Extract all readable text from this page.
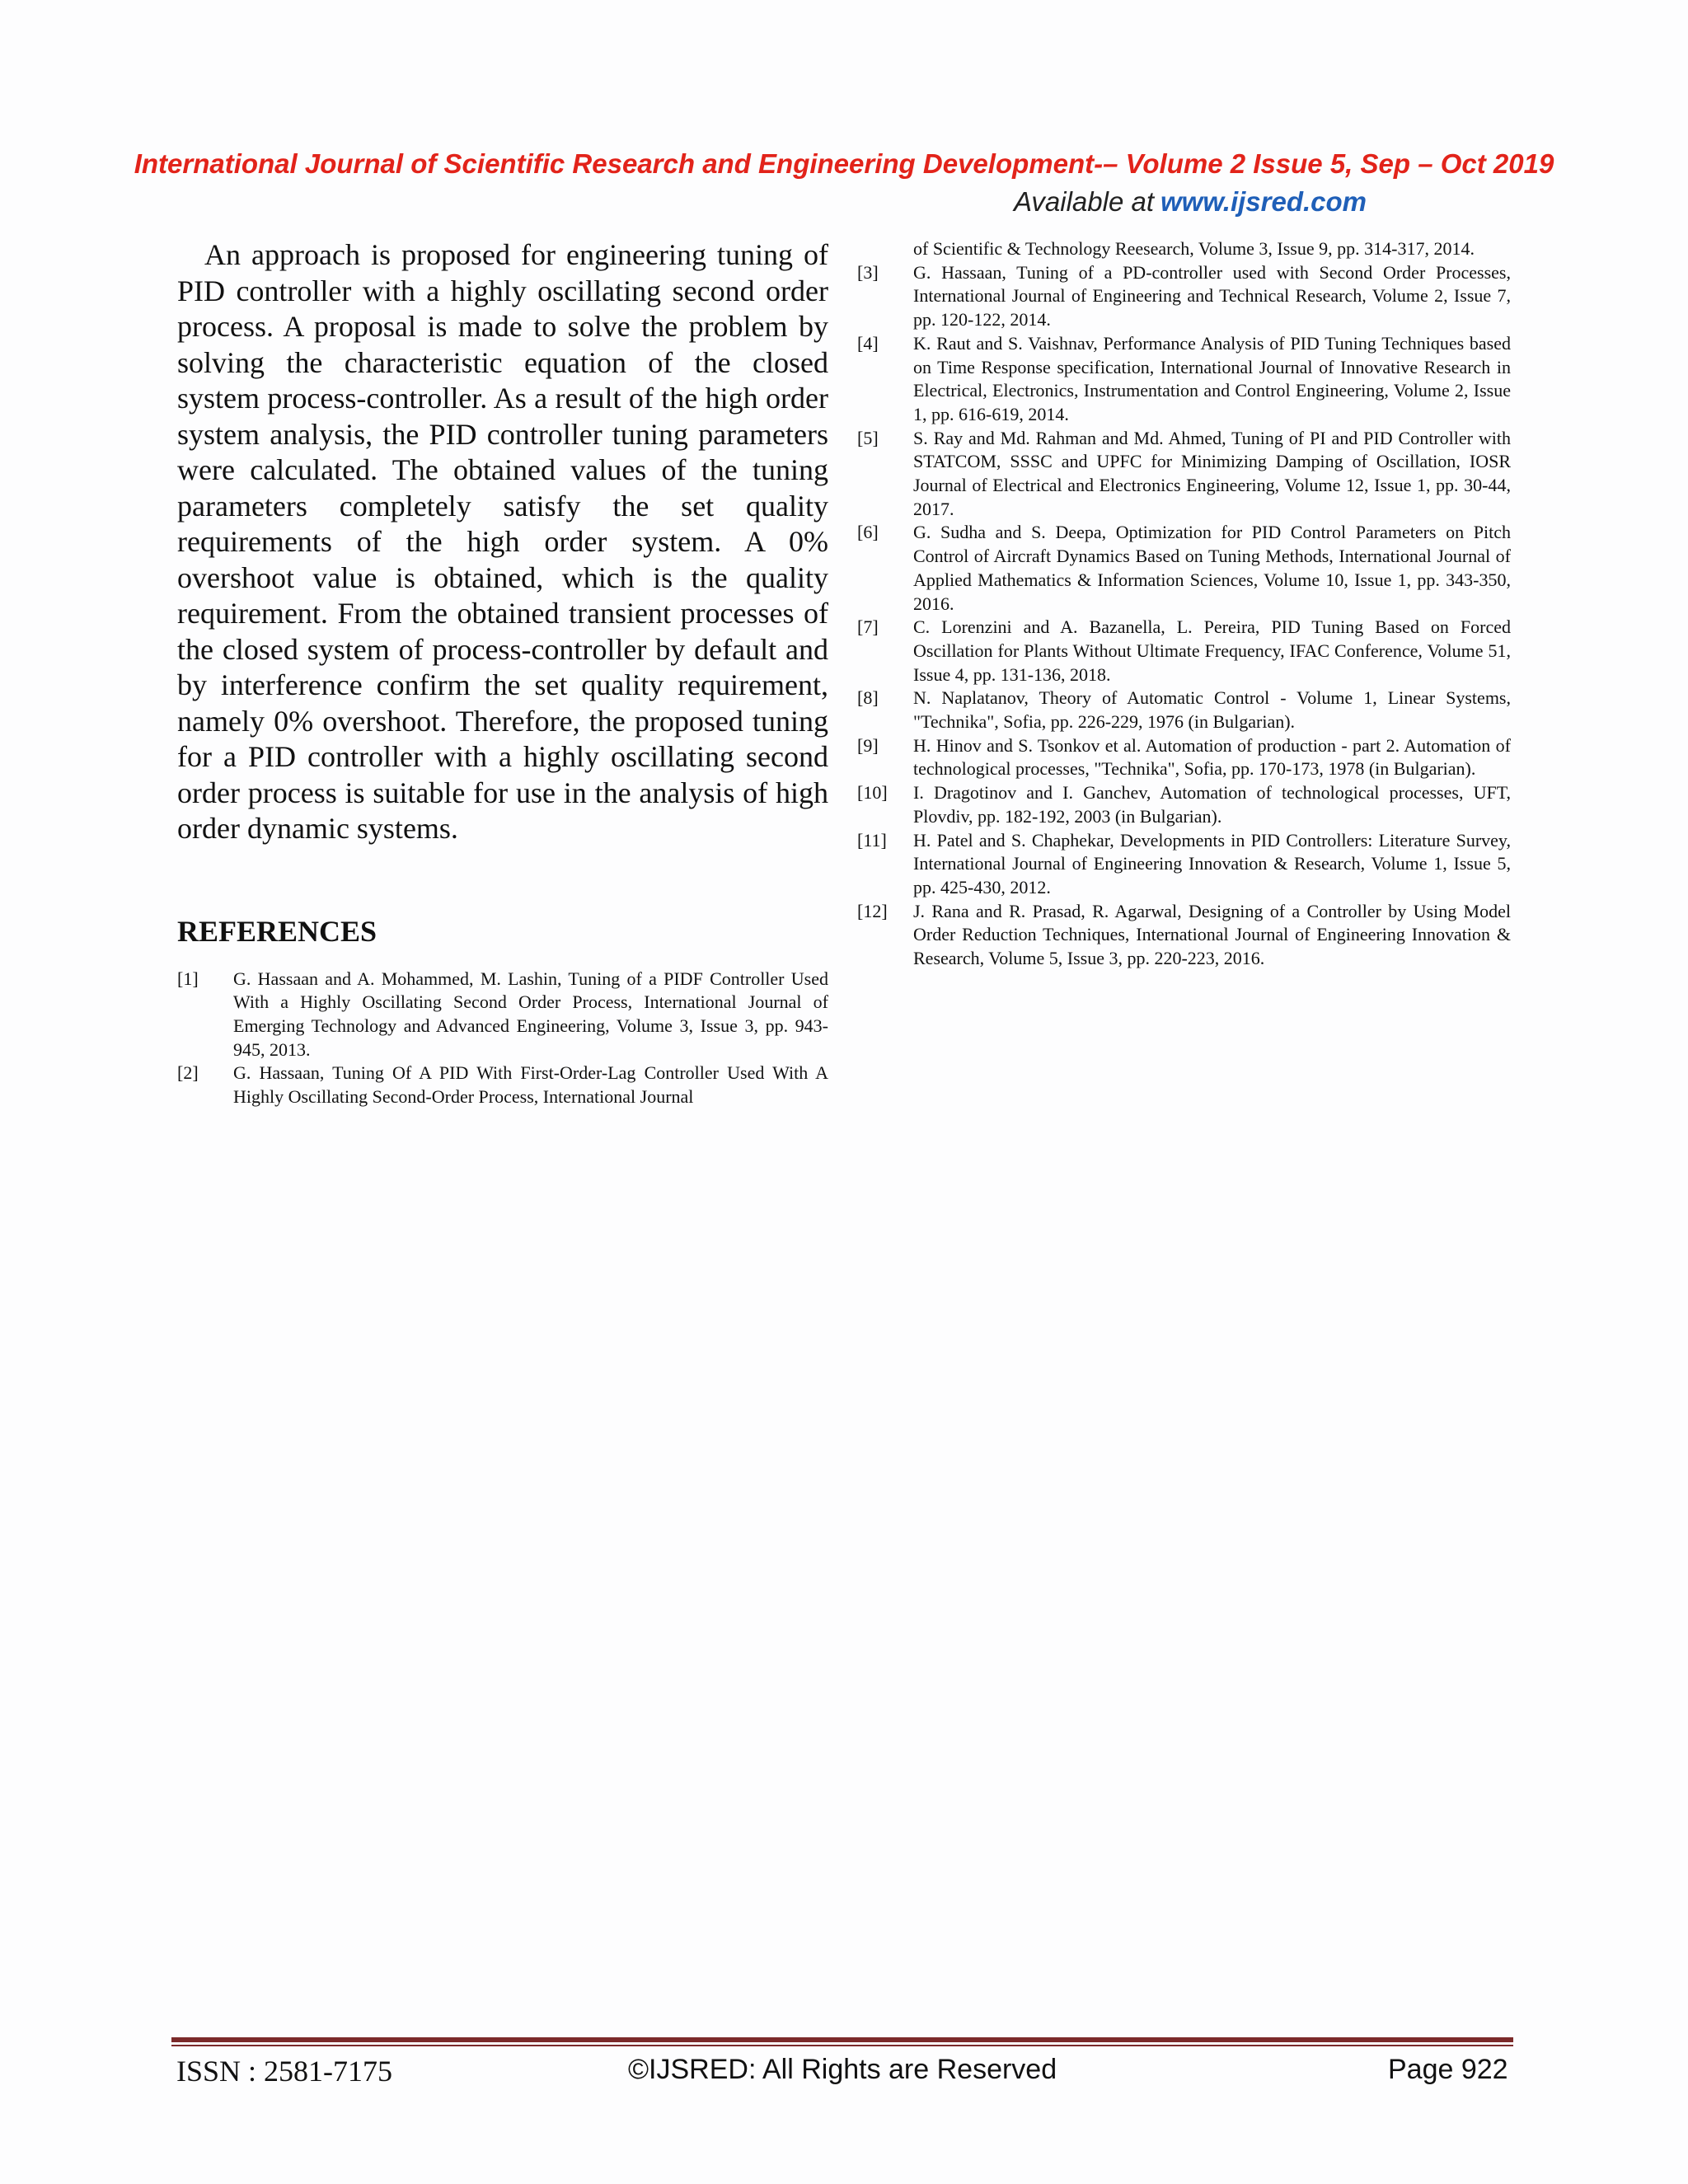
International Journal of Scientific Research and Engineering Development-– Volume 2 Issue 5, Sep – Oct 2019
Available at www.ijsred.com

An approach is proposed for engineering tuning of PID controller with a highly oscillating second order process. A proposal is made to solve the problem by solving the characteristic equation of the closed system process-controller. As a result of the high order system analysis, the PID controller tuning parameters were calculated. The obtained values of the tuning parameters completely satisfy the set quality requirements of the high order system. A 0% overshoot value is obtained, which is the quality requirement. From the obtained transient processes of the closed system of process-controller by default and by interference confirm the set quality requirement, namely 0% overshoot. Therefore, the proposed tuning for a PID controller with a highly oscillating second order process is suitable for use in the analysis of high order dynamic systems.

REFERENCES
[1]	G. Hassaan and A. Mohammed, M. Lashin, Tuning of a PIDF Controller Used With a Highly Oscillating Second Order Process, International Journal of Emerging Technology and Advanced Engineering, Volume 3, Issue 3, pp. 943-945, 2013.
[2]	G. Hassaan, Tuning Of A PID With First-Order-Lag Controller Used With A Highly Oscillating Second-Order Process, International Journal

of Scientific & Technology Reesearch, Volume 3, Issue 9, pp. 314-317, 2014.

[3]	G. Hassaan, Tuning of a PD-controller used with Second Order Processes, International Journal of Engineering and Technical Research, Volume 2, Issue 7, pp. 120-122, 2014.
[4]	K. Raut and S. Vaishnav, Performance Analysis of PID Tuning Techniques based on Time Response specification, International Journal of Innovative Research in Electrical, Electronics, Instrumentation and Control Engineering, Volume 2, Issue 1, pp. 616-619, 2014.
[5]	S. Ray and Md. Rahman and Md. Ahmed, Tuning of PI and PID Controller with STATCOM, SSSC and UPFC for Minimizing Damping of Oscillation, IOSR Journal of Electrical and Electronics Engineering, Volume 12, Issue 1, pp. 30-44, 2017.
[6]	G. Sudha and S. Deepa, Optimization for PID Control Parameters on Pitch Control of Aircraft Dynamics Based on Tuning Methods, International Journal of Applied Mathematics & Information Sciences, Volume 10, Issue 1, pp. 343-350, 2016.
[7]	C. Lorenzini and A. Bazanella, L. Pereira, PID Tuning Based on Forced Oscillation for Plants Without Ultimate Frequency, IFAC Conference, Volume 51, Issue 4, pp. 131-136, 2018.
[8]	N. Naplatanov, Theory of Automatic Control - Volume 1, Linear Systems, "Technika", Sofia, pp. 226-229, 1976 (in Bulgarian).
[9]	H. Hinov and S. Tsonkov et al. Automation of production - part 2. Automation of technological processes, "Technika", Sofia, pp. 170-173, 1978 (in Bulgarian).
[10]	I. Dragotinov and I. Ganchev, Automation of technological processes, UFT, Plovdiv, pp. 182-192, 2003 (in Bulgarian).
[11]	H. Patel and S. Chaphekar, Developments in PID Controllers: Literature Survey, International Journal of Engineering Innovation & Research, Volume 1, Issue 5, pp. 425-430, 2012.
[12]	J. Rana and R. Prasad, R. Agarwal, Designing of a Controller by Using Model Order Reduction Techniques, International Journal of Engineering Innovation & Research, Volume 5, Issue 3, pp. 220-223, 2016.
ISSN : 2581-7175	©IJSRED: All Rights are Reserved	Page 922
